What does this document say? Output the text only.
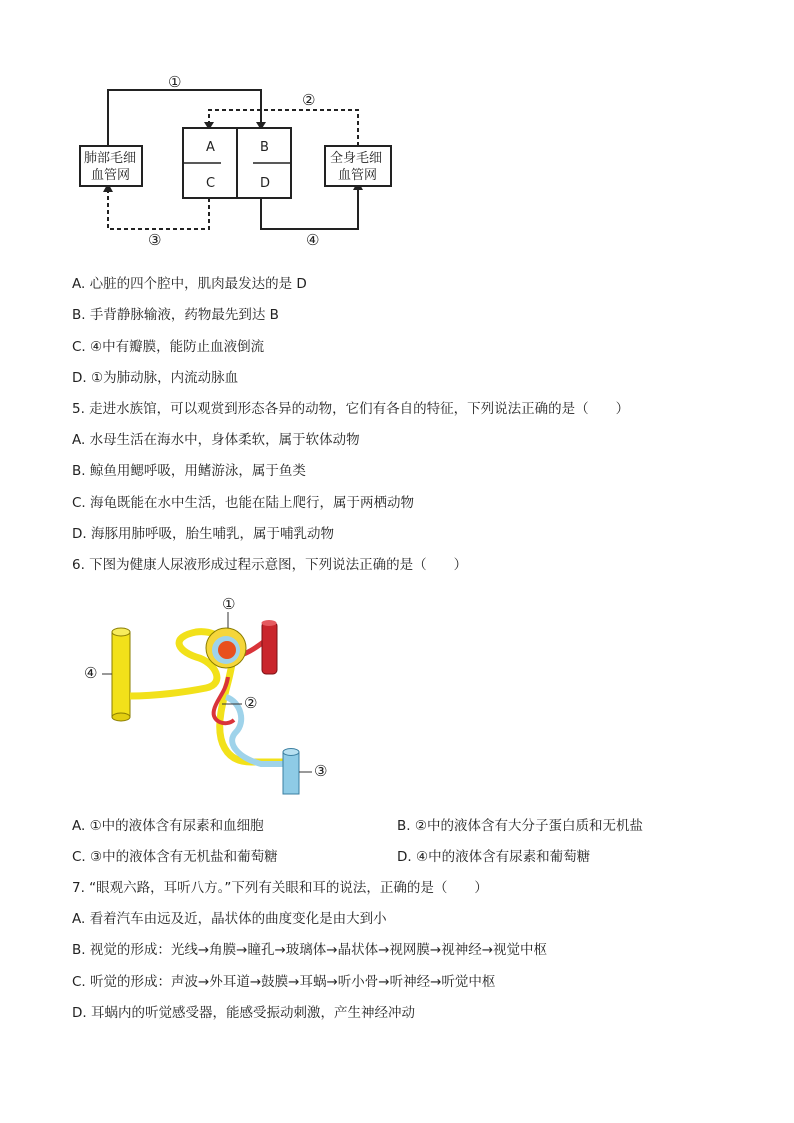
A	B
C	D
肺部毛细
血管网
全身毛细
血管网
①
②
③	④
A. 心脏的四个腔中，肌肉最发达的是 D
B. 手背静脉输液，药物最先到达 B
C. ④中有瓣膜，能防止血液倒流
D. ①为肺动脉，内流动脉血
5. 走进水族馆，可以观赏到形态各异的动物，它们有各自的特征，下列说法正确的是（　　）
A. 水母生活在海水中，身体柔软，属于软体动物
B. 鲸鱼用鳃呼吸，用鳍游泳，属于鱼类
C. 海龟既能在水中生活，也能在陆上爬行，属于两栖动物
D. 海豚用肺呼吸，胎生哺乳，属于哺乳动物
6. 下图为健康人尿液形成过程示意图，下列说法正确的是（　　）
①
②
③
④
A. ①中的液体含有尿素和血细胞	B. ②中的液体含有大分子蛋白质和无机盐
C. ③中的液体含有无机盐和葡萄糖	D. ④中的液体含有尿素和葡萄糖
7. “眼观六路，耳听八方。”下列有关眼和耳的说法，正确的是（　　）
A. 看着汽车由远及近，晶状体的曲度变化是由大到小
B. 视觉的形成：光线→角膜→瞳孔→玻璃体→晶状体→视网膜→视神经→视觉中枢
C. 听觉的形成：声波→外耳道→鼓膜→耳蜗→听小骨→听神经→听觉中枢
D. 耳蜗内的听觉感受器，能感受振动刺激，产生神经冲动
